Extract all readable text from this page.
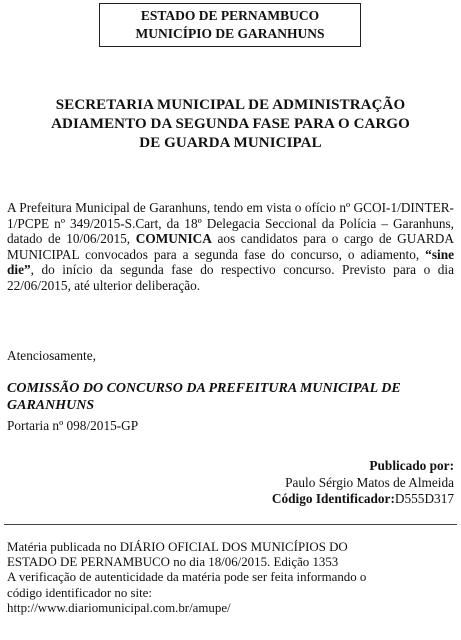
ESTADO DE PERNAMBUCO
MUNICÍPIO DE GARANHUNS
SECRETARIA MUNICIPAL DE ADMINISTRAÇÃO
ADIAMENTO DA SEGUNDA FASE PARA O CARGO
DE GUARDA MUNICIPAL
A Prefeitura Municipal de Garanhuns, tendo em vista o ofício nº GCOI-1/DINTER-1/PCPE nº 349/2015-S.Cart, da 18º Delegacia Seccional da Polícia – Garanhuns, datado de 10/06/2015, COMUNICA aos candidatos para o cargo de GUARDA MUNICIPAL convocados para a segunda fase do concurso, o adiamento, “sine die”, do início da segunda fase do respectivo concurso. Previsto para o dia 22/06/2015, até ulterior deliberação.
Atenciosamente,
COMISSÃO DO CONCURSO DA PREFEITURA MUNICIPAL DE GARANHUNS
Portaria nº 098/2015-GP
Publicado por:
Paulo Sérgio Matos de Almeida
Código Identificador:D555D317
Matéria publicada no DIÁRIO OFICIAL DOS MUNICÍPIOS DO
ESTADO DE PERNAMBUCO no dia 18/06/2015. Edição 1353
A verificação de autenticidade da matéria pode ser feita informando o
código identificador no site:
http://www.diariomunicipal.com.br/amupe/
